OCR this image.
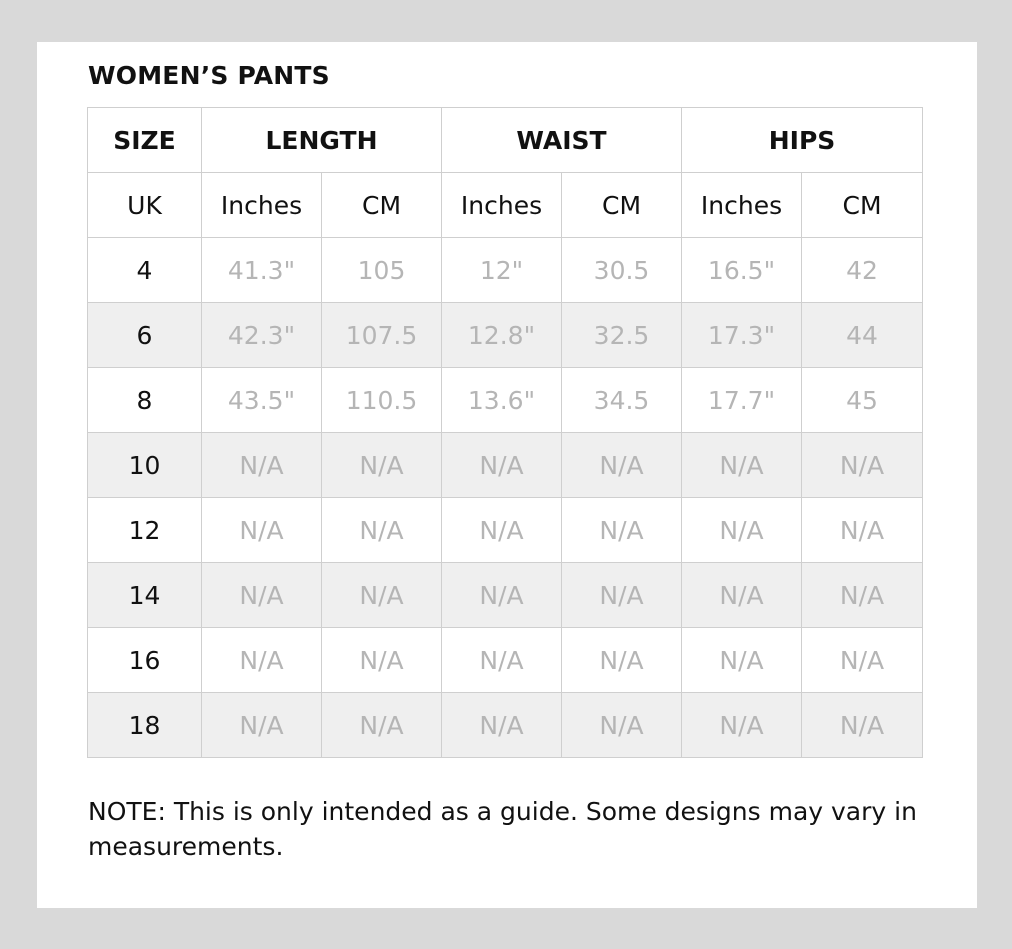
WOMEN’S PANTS
SIZE	LENGTH		WAIST		HIPS	
UK	Inches	CM	Inches	CM	Inches	CM
4	41.3"	105	12"	30.5	16.5"	42
6	42.3"	107.5	12.8"	32.5	17.3"	44
8	43.5"	110.5	13.6"	34.5	17.7"	45
10	N/A	N/A	N/A	N/A	N/A	N/A
12	N/A	N/A	N/A	N/A	N/A	N/A
14	N/A	N/A	N/A	N/A	N/A	N/A
16	N/A	N/A	N/A	N/A	N/A	N/A
18	N/A	N/A	N/A	N/A	N/A	N/A

NOTE: This is only intended as a guide. Some designs may vary in measurements.
